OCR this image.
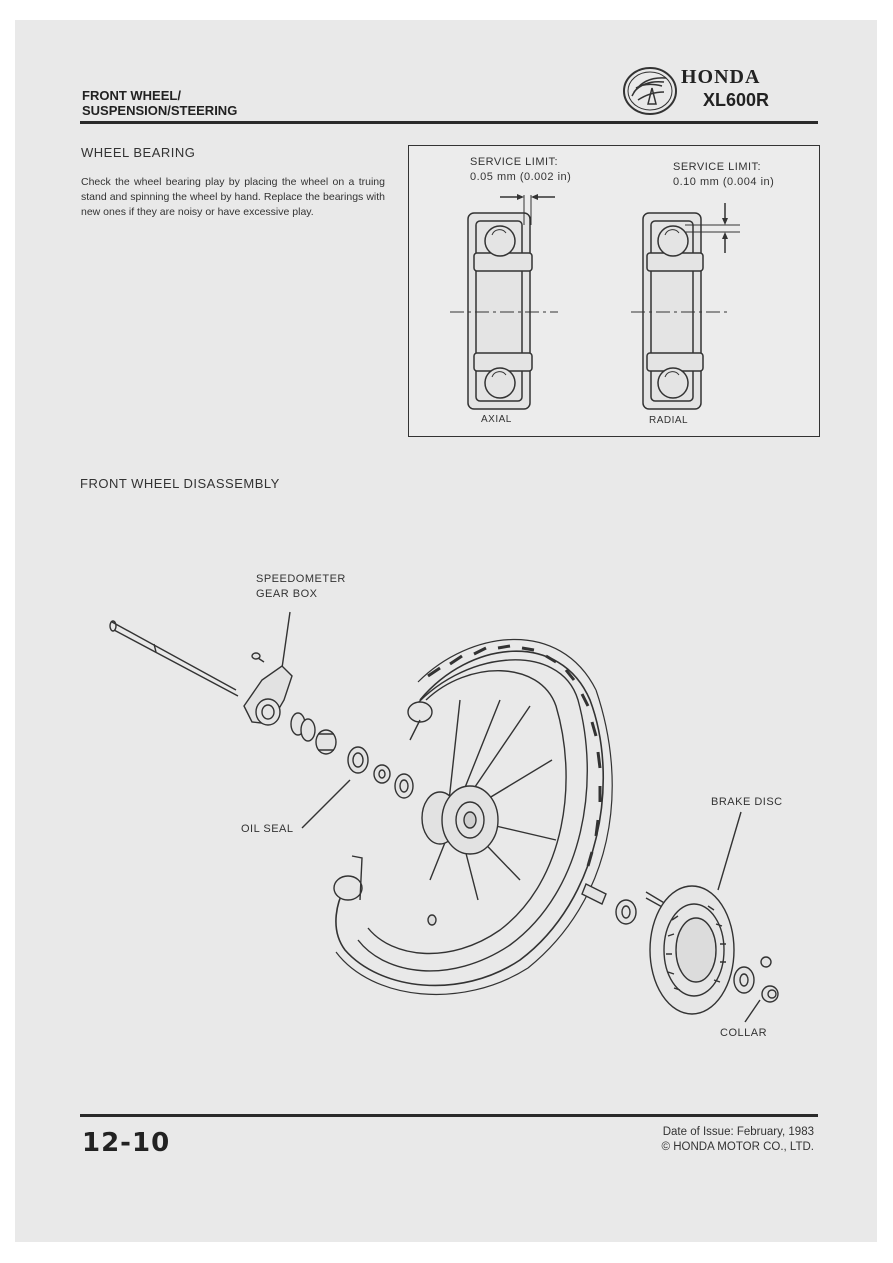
FRONT WHEEL/
SUSPENSION/STEERING
HONDA
XL600R
WHEEL BEARING
Check the wheel bearing play by placing the wheel on a truing stand and spinning the wheel by hand. Replace the bearings with new ones if they are noisy or have excessive play.
SERVICE LIMIT:
0.05 mm (0.002 in)
SERVICE LIMIT:
0.10 mm (0.004 in)
AXIAL	RADIAL
FRONT WHEEL DISASSEMBLY
SPEEDOMETER
GEAR BOX
OIL SEAL
BRAKE DISC
COLLAR
12-10	Date of Issue: February, 1983
© HONDA MOTOR CO., LTD.
